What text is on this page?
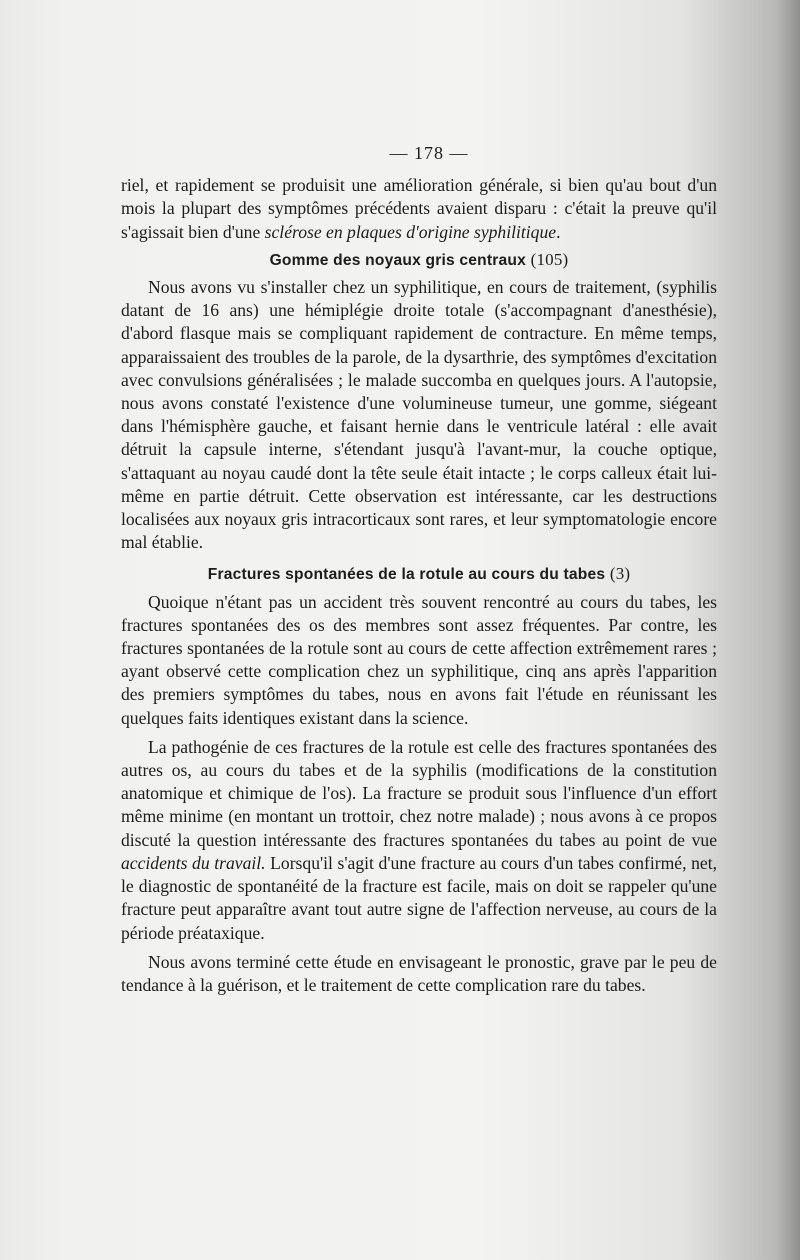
— 178 —

riel, et rapidement se produisit une amélioration générale, si bien qu'au bout d'un mois la plupart des symptômes précédents avaient disparu : c'était la preuve qu'il s'agissait bien d'une sclérose en plaques d'origine syphilitique.

Gomme des noyaux gris centraux (105)

Nous avons vu s'installer chez un syphilitique, en cours de traitement, (syphilis datant de 16 ans) une hémiplégie droite totale (s'accompagnant d'anesthésie), d'abord flasque mais se compliquant rapidement de contracture. En même temps, apparaissaient des troubles de la parole, de la dysarthrie, des symptômes d'excitation avec convulsions généralisées ; le malade succomba en quelques jours. A l'autopsie, nous avons constaté l'existence d'une volumineuse tumeur, une gomme, siégeant dans l'hémisphère gauche, et faisant hernie dans le ventricule latéral : elle avait détruit la capsule interne, s'étendant jusqu'à l'avant-mur, la couche optique, s'attaquant au noyau caudé dont la tête seule était intacte ; le corps calleux était lui-même en partie détruit. Cette observation est intéressante, car les destructions localisées aux noyaux gris intracorticaux sont rares, et leur symptomatologie encore mal établie.

Fractures spontanées de la rotule au cours du tabes (3)

Quoique n'étant pas un accident très souvent rencontré au cours du tabes, les fractures spontanées des os des membres sont assez fréquentes. Par contre, les fractures spontanées de la rotule sont au cours de cette affection extrêmement rares ; ayant observé cette complication chez un syphilitique, cinq ans après l'apparition des premiers symptômes du tabes, nous en avons fait l'étude en réunissant les quelques faits identiques existant dans la science.

La pathogénie de ces fractures de la rotule est celle des fractures spontanées des autres os, au cours du tabes et de la syphilis (modifications de la constitution anatomique et chimique de l'os). La fracture se produit sous l'influence d'un effort même minime (en montant un trottoir, chez notre malade) ; nous avons à ce propos discuté la question intéressante des fractures spontanées du tabes au point de vue accidents du travail. Lorsqu'il s'agit d'une fracture au cours d'un tabes confirmé, net, le diagnostic de spontanéité de la fracture est facile, mais on doit se rappeler qu'une fracture peut apparaître avant tout autre signe de l'affection nerveuse, au cours de la période préataxique.

Nous avons terminé cette étude en envisageant le pronostic, grave par le peu de tendance à la guérison, et le traitement de cette complication rare du tabes.
